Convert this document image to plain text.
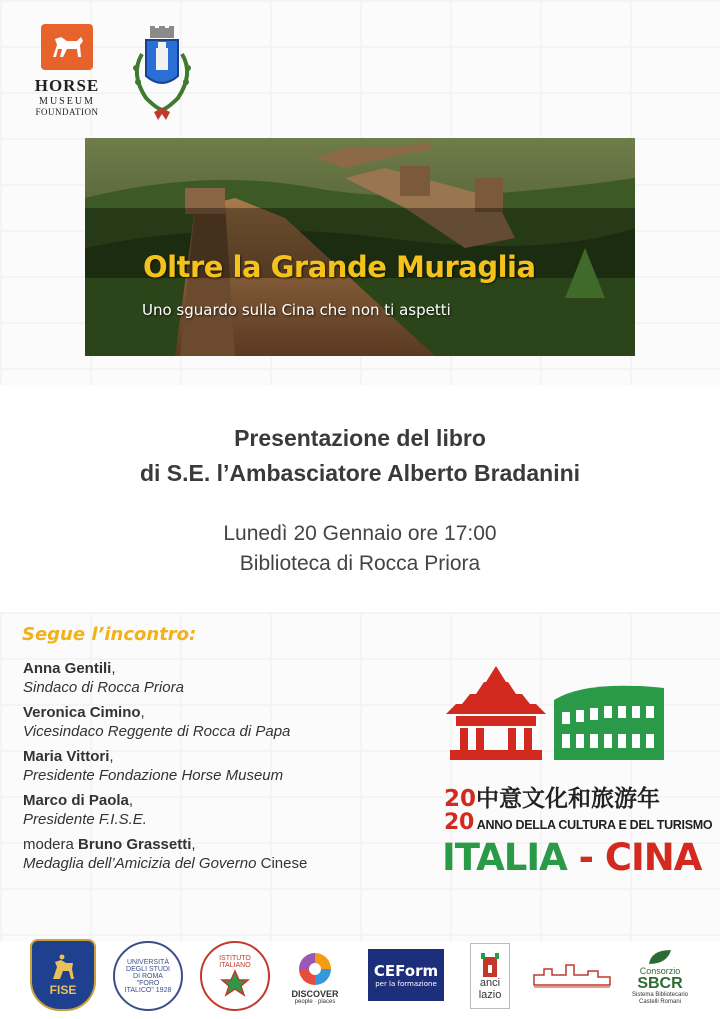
HORSE
MUSEUM
FOUNDATION
Oltre la Grande Muraglia
Uno sguardo sulla Cina che non ti aspetti
Presentazione del libro
di S.E. l’Ambasciatore Alberto Bradanini
Lunedì 20 Gennaio ore 17:00
Biblioteca di Rocca Priora
Segue l’incontro:
Anna Gentili,
Sindaco di Rocca Priora
Veronica Cimino,
Vicesindaco Reggente di Rocca di Papa
Maria Vittori,
Presidente Fondazione Horse Museum
Marco di Paola,
Presidente F.I.S.E.
modera Bruno Grassetti,
Medaglia dell’Amicizia del Governo Cinese
20中意文化和旅游年
20 ANNO DELLA CULTURA E DEL TURISMO
ITALIA - CINA
FISE
UNIVERSITÀ DEGLI STUDI DI ROMA "FORO ITALICO" 1928
ISTITUTO ITALIANO
DISCOVER
people · places
CEForm
per la formazione	anci
lazio
Consorzio
SBCR
Sistema Bibliotecario Castelli Romani
